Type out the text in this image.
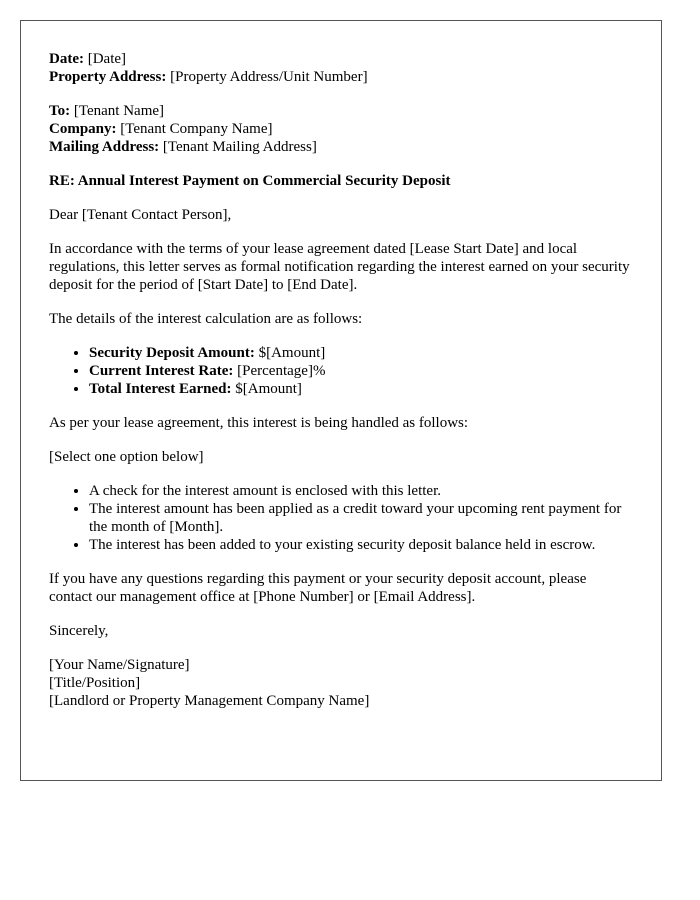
Date: [Date]
Property Address: [Property Address/Unit Number]

To: [Tenant Name]
Company: [Tenant Company Name]
Mailing Address: [Tenant Mailing Address]

RE: Annual Interest Payment on Commercial Security Deposit

Dear [Tenant Contact Person],

In accordance with the terms of your lease agreement dated [Lease Start Date] and local regulations, this letter serves as formal notification regarding the interest earned on your security deposit for the period of [Start Date] to [End Date].

The details of the interest calculation are as follows:

• Security Deposit Amount: $[Amount]
• Current Interest Rate: [Percentage]%
• Total Interest Earned: $[Amount]

As per your lease agreement, this interest is being handled as follows:

[Select one option below]

• A check for the interest amount is enclosed with this letter.
• The interest amount has been applied as a credit toward your upcoming rent payment for the month of [Month].
• The interest has been added to your existing security deposit balance held in escrow.

If you have any questions regarding this payment or your security deposit account, please contact our management office at [Phone Number] or [Email Address].

Sincerely,

[Your Name/Signature]
[Title/Position]
[Landlord or Property Management Company Name]
